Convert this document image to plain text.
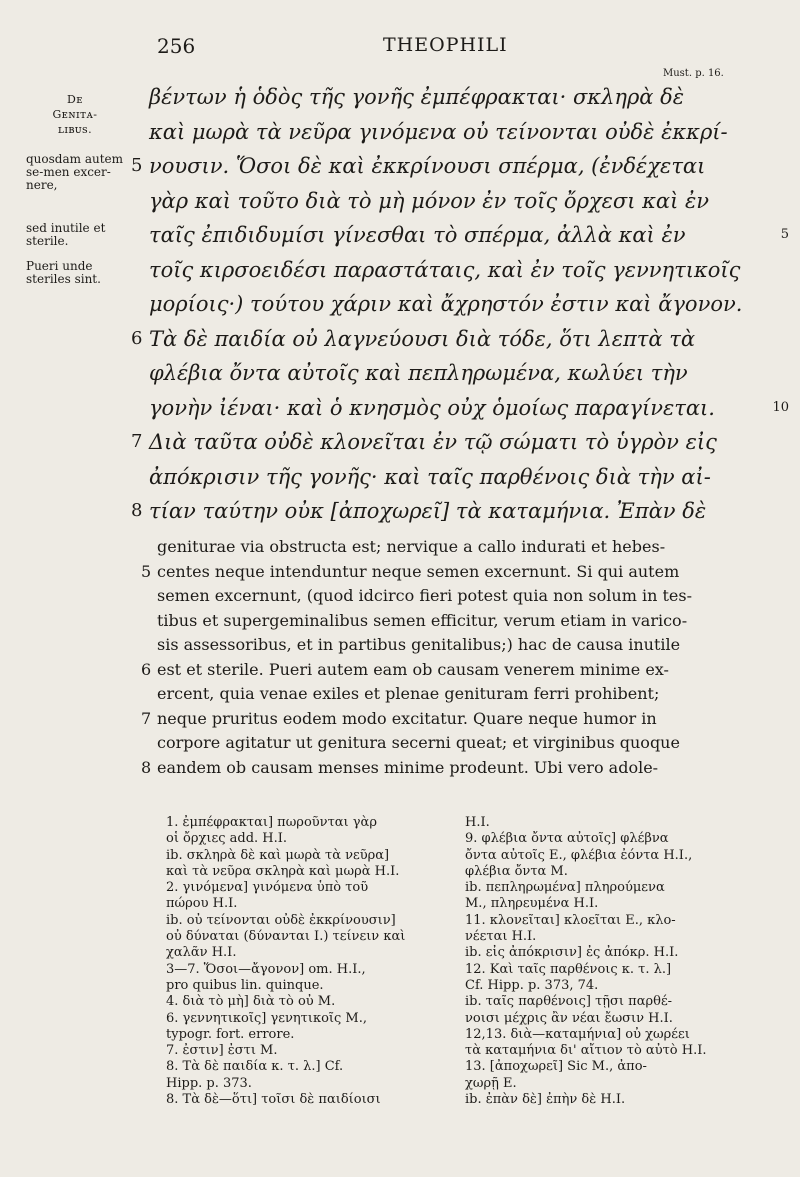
256	THEOPHILI
Must. p. 16.
Dᴇ
Gᴇɴɪᴛᴀ-
ʟɪʙᴜs.
quosdam autem se-men excer-nere,
sed inutile et sterile.
Pueri unde steriles sint.
βέντων ἡ ὁδὸς τῆς γονῆς ἐμπέφρακται· σκληρὰ δὲ
καὶ μωρὰ τὰ νεῦρα γινόμενα οὐ τείνονται οὐδὲ ἐκκρί-
5 νουσιν. Ὅσοι δὲ καὶ ἐκκρίνουσι σπέρμα, (ἐνδέχεται
γὰρ καὶ τοῦτο διὰ τὸ μὴ μόνον ἐν τοῖς ὄρχεσι καὶ ἐν
ταῖς ἐπιδιδυμίσι γίνεσθαι τὸ σπέρμα, ἀλλὰ καὶ ἐν	5
τοῖς κιρσοειδέσι παραστάταις, καὶ ἐν τοῖς γεννητικοῖς
μορίοις·) τούτου χάριν καὶ ἄχρηστόν ἐστιν καὶ ἄγονον.
6 Τὰ δὲ παιδία οὐ λαγνεύουσι διὰ τόδε, ὅτι λεπτὰ τὰ
φλέβια ὄντα αὐτοῖς καὶ πεπληρωμένα, κωλύει τὴν
γονὴν ἰέναι· καὶ ὁ κνησμὸς οὐχ ὁμοίως παραγίνεται.	10
7 Διὰ ταῦτα οὐδὲ κλονεῖται ἐν τῷ σώματι τὸ ὑγρὸν εἰς
ἀπόκρισιν τῆς γονῆς· καὶ ταῖς παρθένοις διὰ τὴν αἰ-
8 τίαν ταύτην οὐκ [ἀποχωρεῖ] τὰ καταμήνια. Ἐπὰν δὲ
geniturae via obstructa est; nervique a callo indurati et hebes-
5 centes neque intenduntur neque semen excernunt. Si qui autem
semen excernunt, (quod idcirco fieri potest quia non solum in tes-
tibus et supergeminalibus semen efficitur, verum etiam in varico-
sis assessoribus, et in partibus genitalibus;) hac de causa inutile
6 est et sterile. Pueri autem eam ob causam venerem minime ex-
ercent, quia venae exiles et plenae genituram ferri prohibent;
7 neque pruritus eodem modo excitatur. Quare neque humor in
corpore agitatur ut genitura secerni queat; et virginibus quoque
8 eandem ob causam menses minime prodeunt. Ubi vero adole-
1. ἐμπέφρακται] πωροῦνται γὰρ
οἱ ὄρχιες add. H.I.
ib. σκληρὰ δὲ καὶ μωρὰ τὰ νεῦρα]
καὶ τὰ νεῦρα σκληρὰ καὶ μωρὰ H.I.
2. γινόμενα] γινόμενα ὑπὸ τοῦ
πώρου H.I.
ib. οὐ τείνονται οὐδὲ ἐκκρίνουσιν]
οὐ δύναται (δύνανται I.) τείνειν καὶ
χαλᾶν H.I.
3—7. Ὅσοι—ἄγονον] om. H.I.,
pro quibus lin. quinque.
4. διὰ τὸ μὴ] διὰ τὸ οὐ M.
6. γεννητικοῖς] γενητικοῖς M.,
typogr. fort. errore.
7. ἐστιν] ἐστι M.
8. Τὰ δὲ παιδία κ. τ. λ.] Cf.
Hipp. p. 373.
8. Τὰ δὲ—ὅτι] τοῖσι δὲ παιδίοισι
H.I.
9. φλέβια ὄντα αὐτοῖς] φλέβνα
ὄντα αὐτοῖς E., φλέβια ἐόντα H.I.,
φλέβια ὄντα M.
ib. πεπληρωμένα] πληρούμενα
M., πληρευμένα H.I.
11. κλονεῖται] κλοεῖται E., κλο-
νέεται H.I.
ib. εἰς ἀπόκρισιν] ἐς ἀπόκρ. H.I.
12. Καὶ ταῖς παρθένοις κ. τ. λ.]
Cf. Hipp. p. 373, 74.
ib. ταῖς παρθένοις] τῇσι παρθέ-
νοισι μέχρις ἂν νέαι ἔωσιν H.I.
12,13. διὰ—καταμήνια] οὐ χωρέει
τὰ καταμήνια δι' αἴτιον τὸ αὐτὸ H.I.
13. [ἀποχωρεῖ] Sic M., ἀπο-
χωρῇ E.
ib. ἐπὰν δὲ] ἐπὴν δὲ H.I.
